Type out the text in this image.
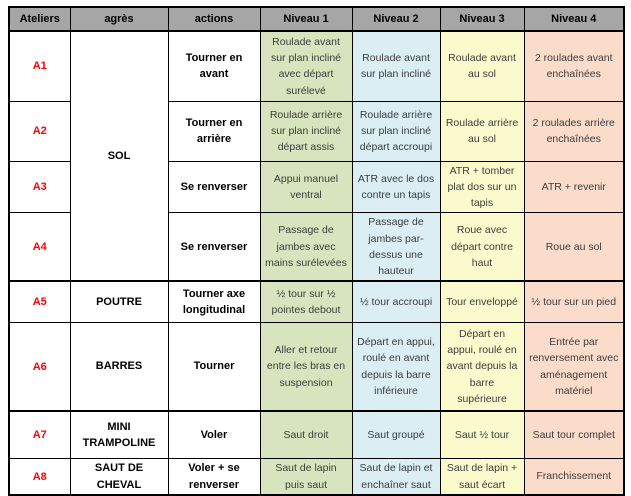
Ateliers	agrès	actions	Niveau 1	Niveau 2	Niveau 3	Niveau 4
A1	SOL	Tourner en avant	Roulade avant sur plan incliné avec départ surélevé	Roulade avant sur plan incliné	Roulade avant au sol	2 roulades avant enchaînées
A2		Tourner en arrière	Roulade arrière sur plan incliné départ assis	Roulade arrière sur plan incliné départ accroupi	Roulade arrière au sol	2 roulades arrière enchaînées
A3		Se renverser	Appui manuel ventral	ATR avec le dos contre un tapis	ATR + tomber plat dos sur un tapis	ATR + revenir
A4		Se renverser	Passage de jambes avec mains surélevées	Passage de jambes par-dessus une hauteur	Roue avec départ contre haut	Roue au sol
A5	POUTRE	Tourner axe longitudinal	½ tour sur ½ pointes debout	½ tour accroupi	Tour enveloppé	½ tour sur un pied
A6	BARRES	Tourner	Aller et retour entre les bras en suspension	Départ en appui, roulé en avant depuis la barre inférieure	Départ en appui, roulé en avant depuis la barre supérieure	Entrée par renversement avec aménagement matériel
A7	MINI TRAMPOLINE	Voler	Saut droit	Saut groupé	Saut ½ tour	Saut tour complet
A8	SAUT DE CHEVAL	Voler + se renverser	Saut de lapin puis saut	Saut de lapin et enchaîner saut	Saut de lapin + saut écart	Franchissement
